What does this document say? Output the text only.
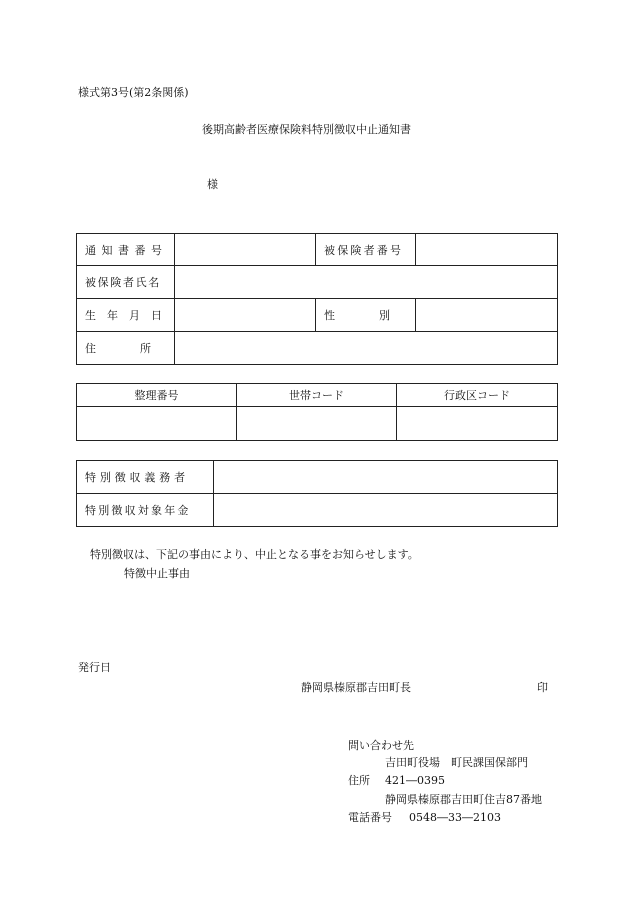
様式第3号(第2条関係)
後期高齢者医療保険料特別徴収中止通知書
様
通知書番号		被保険者番号	
被保険者氏名			
生　年　月　日		性　　　　別	
住　　　　所			
整理番号	世帯コード	行政区コード

特別徴収義務者	
特別徴収対象年金	
特別徴収は、下記の事由により、中止となる事をお知らせします。
特徴中止事由
発行日
静岡県榛原郡吉田町長	印
問い合わせ先
吉田町役場　町民課国保部門
住所 421―0395
静岡県榛原郡吉田町住吉87番地
電話番号 0548―33―2103
